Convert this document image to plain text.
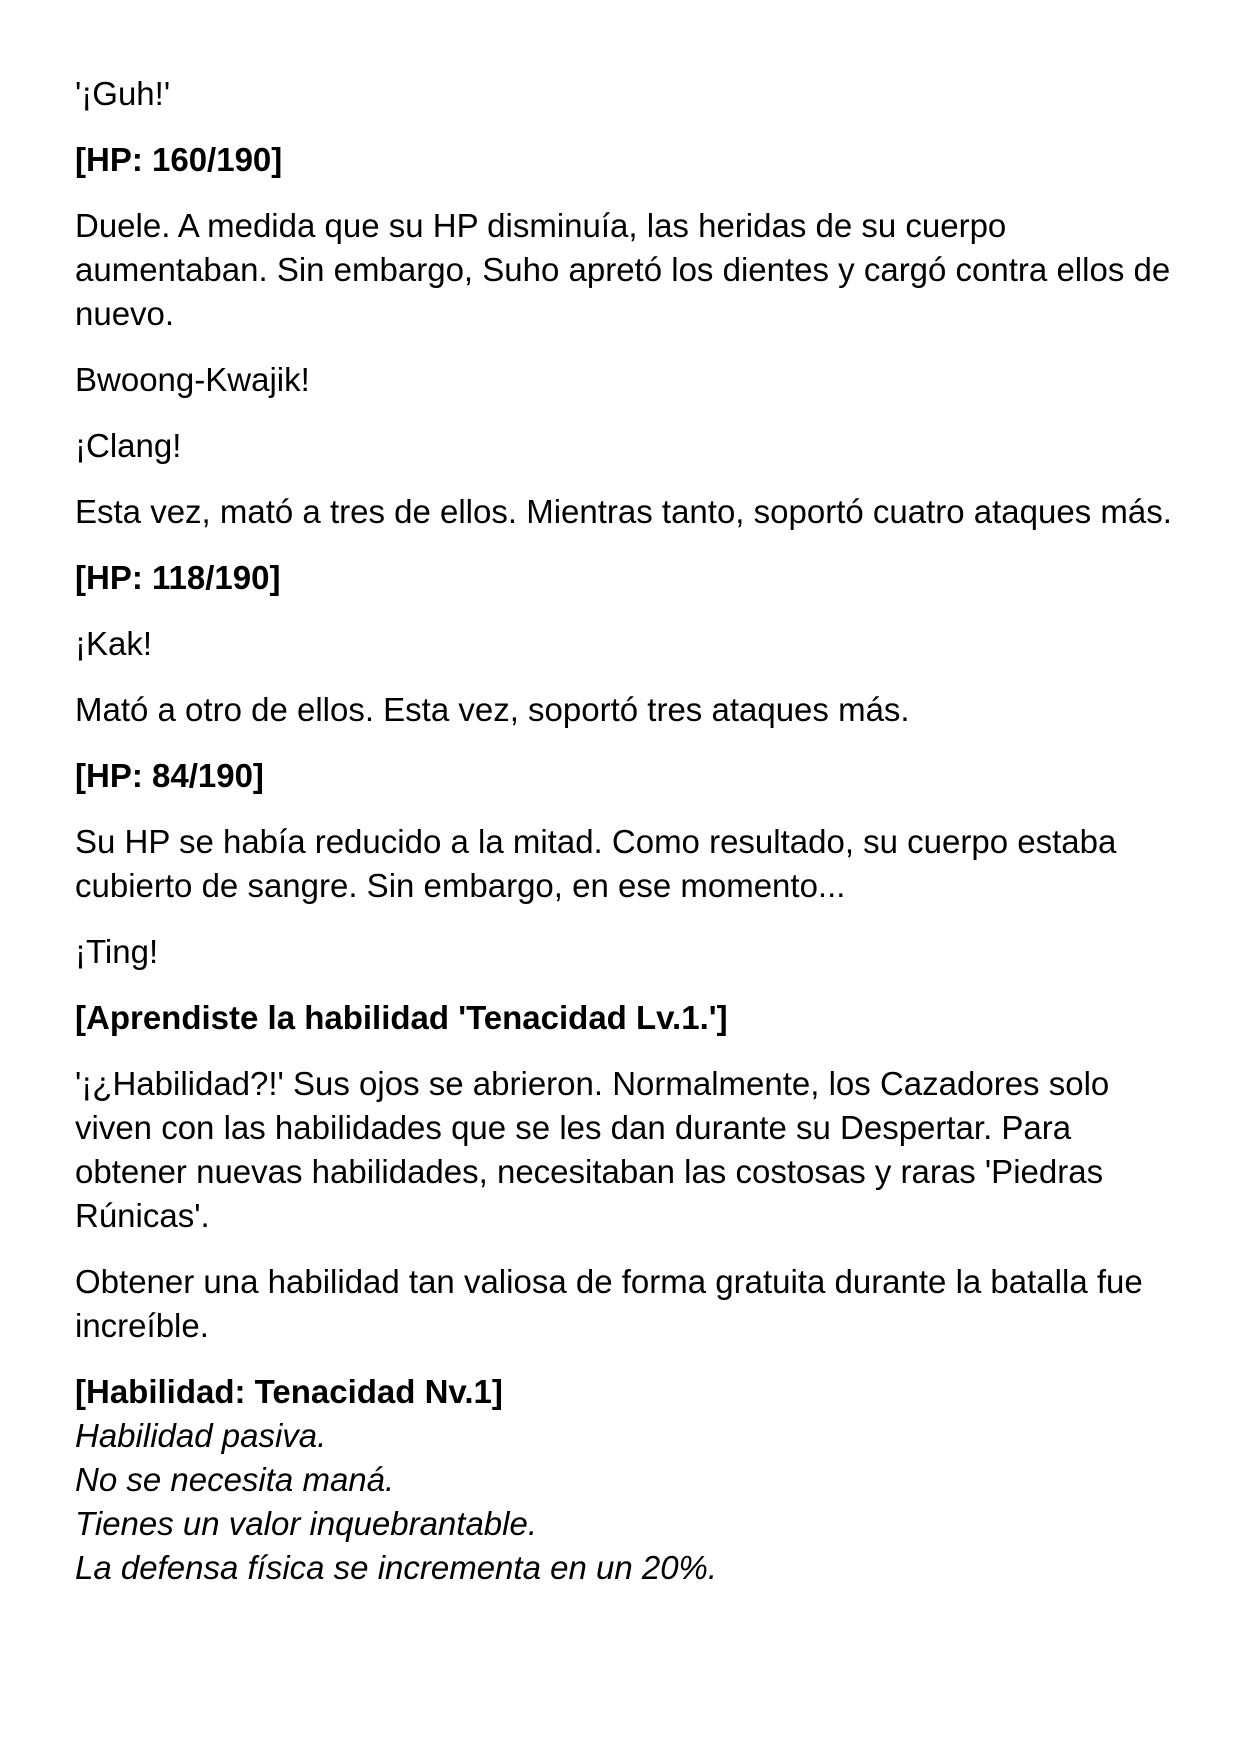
'¡Guh!'

[HP: 160/190]

Duele. A medida que su HP disminuía, las heridas de su cuerpo aumentaban. Sin embargo, Suho apretó los dientes y cargó contra ellos de nuevo.

Bwoong-Kwajik!

¡Clang!

Esta vez, mató a tres de ellos. Mientras tanto, soportó cuatro ataques más.

[HP: 118/190]

¡Kak!

Mató a otro de ellos. Esta vez, soportó tres ataques más.

[HP: 84/190]

Su HP se había reducido a la mitad. Como resultado, su cuerpo estaba cubierto de sangre. Sin embargo, en ese momento...

¡Ting!

[Aprendiste la habilidad 'Tenacidad Lv.1.']

'¡¿Habilidad?!' Sus ojos se abrieron. Normalmente, los Cazadores solo viven con las habilidades que se les dan durante su Despertar. Para obtener nuevas habilidades, necesitaban las costosas y raras 'Piedras Rúnicas'.

Obtener una habilidad tan valiosa de forma gratuita durante la batalla fue increíble.

[Habilidad: Tenacidad Nv.1]
Habilidad pasiva.
No se necesita maná.
Tienes un valor inquebrantable.
La defensa física se incrementa en un 20%.
